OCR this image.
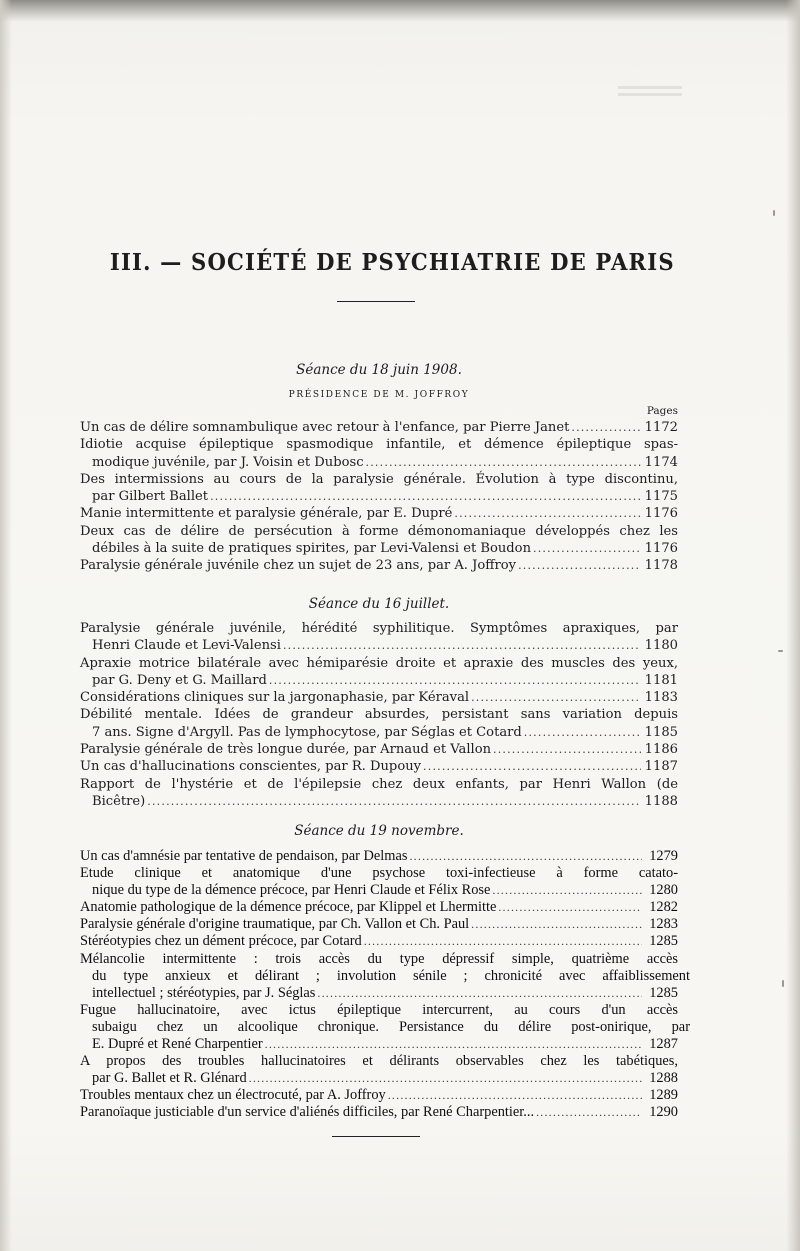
III. — SOCIÉTÉ DE PSYCHIATRIE DE PARIS
Séance du 18 juin 1908.
PRÉSIDENCE DE M. JOFFROY
Pages
Un cas de délire somnambulique avec retour à l'enfance, par Pierre Janet .....	1172
Idiotie acquise épileptique spasmodique infantile, et démence épileptique spas-
modique juvénile, par J. Voisin et Dubosc .....	1174
Des intermissions au cours de la paralysie générale. Évolution à type discontinu,
par Gilbert Ballet .....	1175
Manie intermittente et paralysie générale, par E. Dupré .....	1176
Deux cas de délire de persécution à forme démonomaniaque développés chez les
débiles à la suite de pratiques spirites, par Levi-Valensi et Boudon .....	1176
Paralysie générale juvénile chez un sujet de 23 ans, par A. Joffroy .....	1178
Séance du 16 juillet.
Paralysie générale juvénile, hérédité syphilitique. Symptômes apraxiques, par
Henri Claude et Levi-Valensi .....	1180
Apraxie motrice bilatérale avec hémiparésie droite et apraxie des muscles des yeux,
par G. Deny et G. Maillard .....	1181
Considérations cliniques sur la jargonaphasie, par Kéraval .....	1183
Débilité mentale. Idées de grandeur absurdes, persistant sans variation depuis
7 ans. Signe d'Argyll. Pas de lymphocytose, par Séglas et Cotard .....	1185
Paralysie générale de très longue durée, par Arnaud et Vallon .....	1186
Un cas d'hallucinations conscientes, par R. Dupouy .....	1187
Rapport de l'hystérie et de l'épilepsie chez deux enfants, par Henri Wallon (de
Bicêtre) .....	1188
Séance du 19 novembre.
Un cas d'amnésie par tentative de pendaison, par Delmas .....	1279
Etude clinique et anatomique d'une psychose toxi-infectieuse à forme catato-
nique du type de la démence précoce, par Henri Claude et Félix Rose .....	1280
Anatomie pathologique de la démence précoce, par Klippel et Lhermitte .....	1282
Paralysie générale d'origine traumatique, par Ch. Vallon et Ch. Paul .....	1283
Stéréotypies chez un dément précoce, par Cotard .....	1285
Mélancolie intermittente : trois accès du type dépressif simple, quatrième accès
du type anxieux et délirant ; involution sénile ; chronicité avec affaiblissement
intellectuel ; stéréotypies, par J. Séglas .....	1285
Fugue hallucinatoire, avec ictus épileptique intercurrent, au cours d'un accès
subaigu chez un alcoolique chronique. Persistance du délire post-onirique, par
E. Dupré et René Charpentier .....	1287
A propos des troubles hallucinatoires et délirants observables chez les tabétiques,
par G. Ballet et R. Glénard .....	1288
Troubles mentaux chez un électrocuté, par A. Joffroy .....	1289
Paranoïaque justiciable d'un service d'aliénés difficiles, par René Charpentier... .....	1290
